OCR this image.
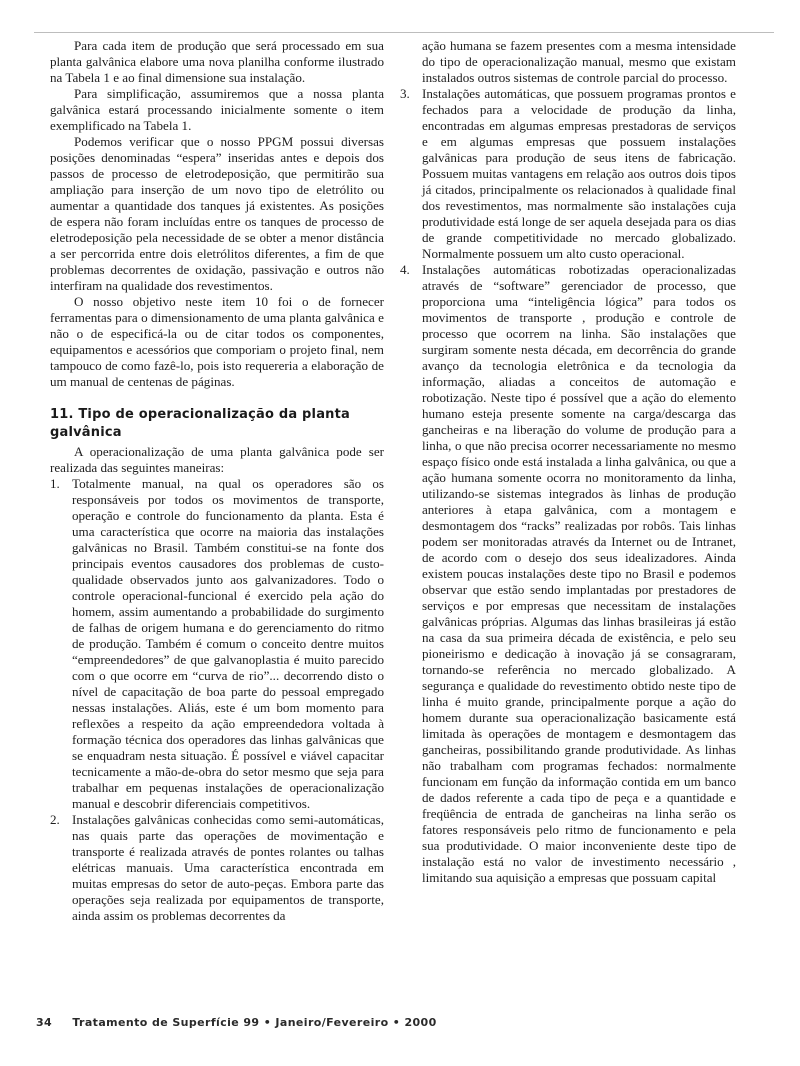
Para cada item de produção que será processado em sua planta galvânica elabore uma nova planilha conforme ilustrado na Tabela 1 e ao final dimensione sua instalação.

Para simplificação, assumiremos que a nossa planta galvânica estará processando inicialmente somente o item exemplificado na Tabela 1.

Podemos verificar que o nosso PPGM possui diversas posições denominadas “espera” inseridas antes e depois dos passos de processo de eletrodeposição, que permitirão sua ampliação para inserção de um novo tipo de eletrólito ou aumentar a quantidade dos tanques já existentes. As posições de espera não foram incluídas entre os tanques de processo de eletrodeposição pela necessidade de se obter a menor distância a ser percorrida entre dois eletrólitos diferentes, a fim de que problemas decorrentes de oxidação, passivação e outros não interfiram na qualidade dos revestimentos.

O nosso objetivo neste item 10 foi o de fornecer ferramentas para o dimensionamento de uma planta galvânica e não o de especificá-la ou de citar todos os componentes, equipamentos e acessórios que comporiam o projeto final, nem tampouco de como fazê-lo, pois isto requereria a elaboração de um manual de centenas de páginas.

11. Tipo de operacionalização da planta galvânica

A operacionalização de uma planta galvânica pode ser realizada das seguintes maneiras:

1. Totalmente manual, na qual os operadores são os responsáveis por todos os movimentos de transporte, operação e controle do funcionamento da planta. Esta é uma característica que ocorre na maioria das instalações galvânicas no Brasil. Também constitui-se na fonte dos principais eventos causadores dos problemas de custo-qualidade observados junto aos galvanizadores. Todo o controle operacional-funcional é exercido pela ação do homem, assim aumentando a probabilidade do surgimento de falhas de origem humana e do gerenciamento do ritmo de produção. Também é comum o conceito dentre muitos “empreendedores” de que galvanoplastia é muito parecido com o que ocorre em “curva de rio”... decorrendo disto o nível de capacitação de boa parte do pessoal empregado nessas instalações. Aliás, este é um bom momento para reflexões a respeito da ação empreendedora voltada à formação técnica dos operadores das linhas galvânicas que se enquadram nesta situação. É possível e viável capacitar tecnicamente a mão-de-obra do setor mesmo que seja para trabalhar em pequenas instalações de operacionalização manual e descobrir diferenciais competitivos.

2. Instalações galvânicas conhecidas como semi-automáticas, nas quais parte das operações de movimentação e transporte é realizada através de pontes rolantes ou talhas elétricas manuais. Uma característica encontrada em muitas empresas do setor de auto-peças. Embora parte das operações seja realizada por equipamentos de transporte, ainda assim os problemas decorrentes da

ação humana se fazem presentes com a mesma intensidade do tipo de operacionalização manual, mesmo que existam instalados outros sistemas de controle parcial do processo.

3. Instalações automáticas, que possuem programas prontos e fechados para a velocidade de produção da linha, encontradas em algumas empresas prestadoras de serviços e em algumas empresas que possuem instalações galvânicas para produção de seus itens de fabricação. Possuem muitas vantagens em relação aos outros dois tipos já citados, principalmente os relacionados à qualidade final dos revestimentos, mas normalmente são instalações cuja produtividade está longe de ser aquela desejada para os dias de grande competitividade no mercado globalizado. Normalmente possuem um alto custo operacional.

4. Instalações automáticas robotizadas operacionalizadas através de “software” gerenciador de processo, que proporciona uma “inteligência lógica” para todos os movimentos de transporte , produção e controle de processo que ocorrem na linha. São instalações que surgiram somente nesta década, em decorrência do grande avanço da tecnologia eletrônica e da tecnologia da informação, aliadas a conceitos de automação e robotização. Neste tipo é possível que a ação do elemento humano esteja presente somente na carga/descarga das gancheiras e na liberação do volume de produção para a linha, o que não precisa ocorrer necessariamente no mesmo espaço físico onde está instalada a linha galvânica, ou que a ação humana somente ocorra no monitoramento da linha, utilizando-se sistemas integrados às linhas de produção anteriores à etapa galvânica, com a montagem e desmontagem dos “racks” realizadas por robôs. Tais linhas podem ser monitoradas através da Internet ou de Intranet, de acordo com o desejo dos seus idealizadores. Ainda existem poucas instalações deste tipo no Brasil e podemos observar que estão sendo implantadas por prestadores de serviços e por empresas que necessitam de instalações galvânicas próprias. Algumas das linhas brasileiras já estão na casa da sua primeira década de existência, e pelo seu pioneirismo e dedicação à inovação já se consagraram, tornando-se referência no mercado globalizado. A segurança e qualidade do revestimento obtido neste tipo de linha é muito grande, principalmente porque a ação do homem durante sua operacionalização basicamente está limitada às operações de montagem e desmontagem das gancheiras, possibilitando grande produtividade. As linhas não trabalham com programas fechados: normalmente funcionam em função da informação contida em um banco de dados referente a cada tipo de peça e a quantidade e freqüência de entrada de gancheiras na linha serão os fatores responsáveis pelo ritmo de funcionamento e pela sua produtividade. O maior inconveniente deste tipo de instalação está no valor de investimento necessário , limitando sua aquisição a empresas que possuam capital

34 Tratamento de Superfície 99 • Janeiro/Fevereiro • 2000
